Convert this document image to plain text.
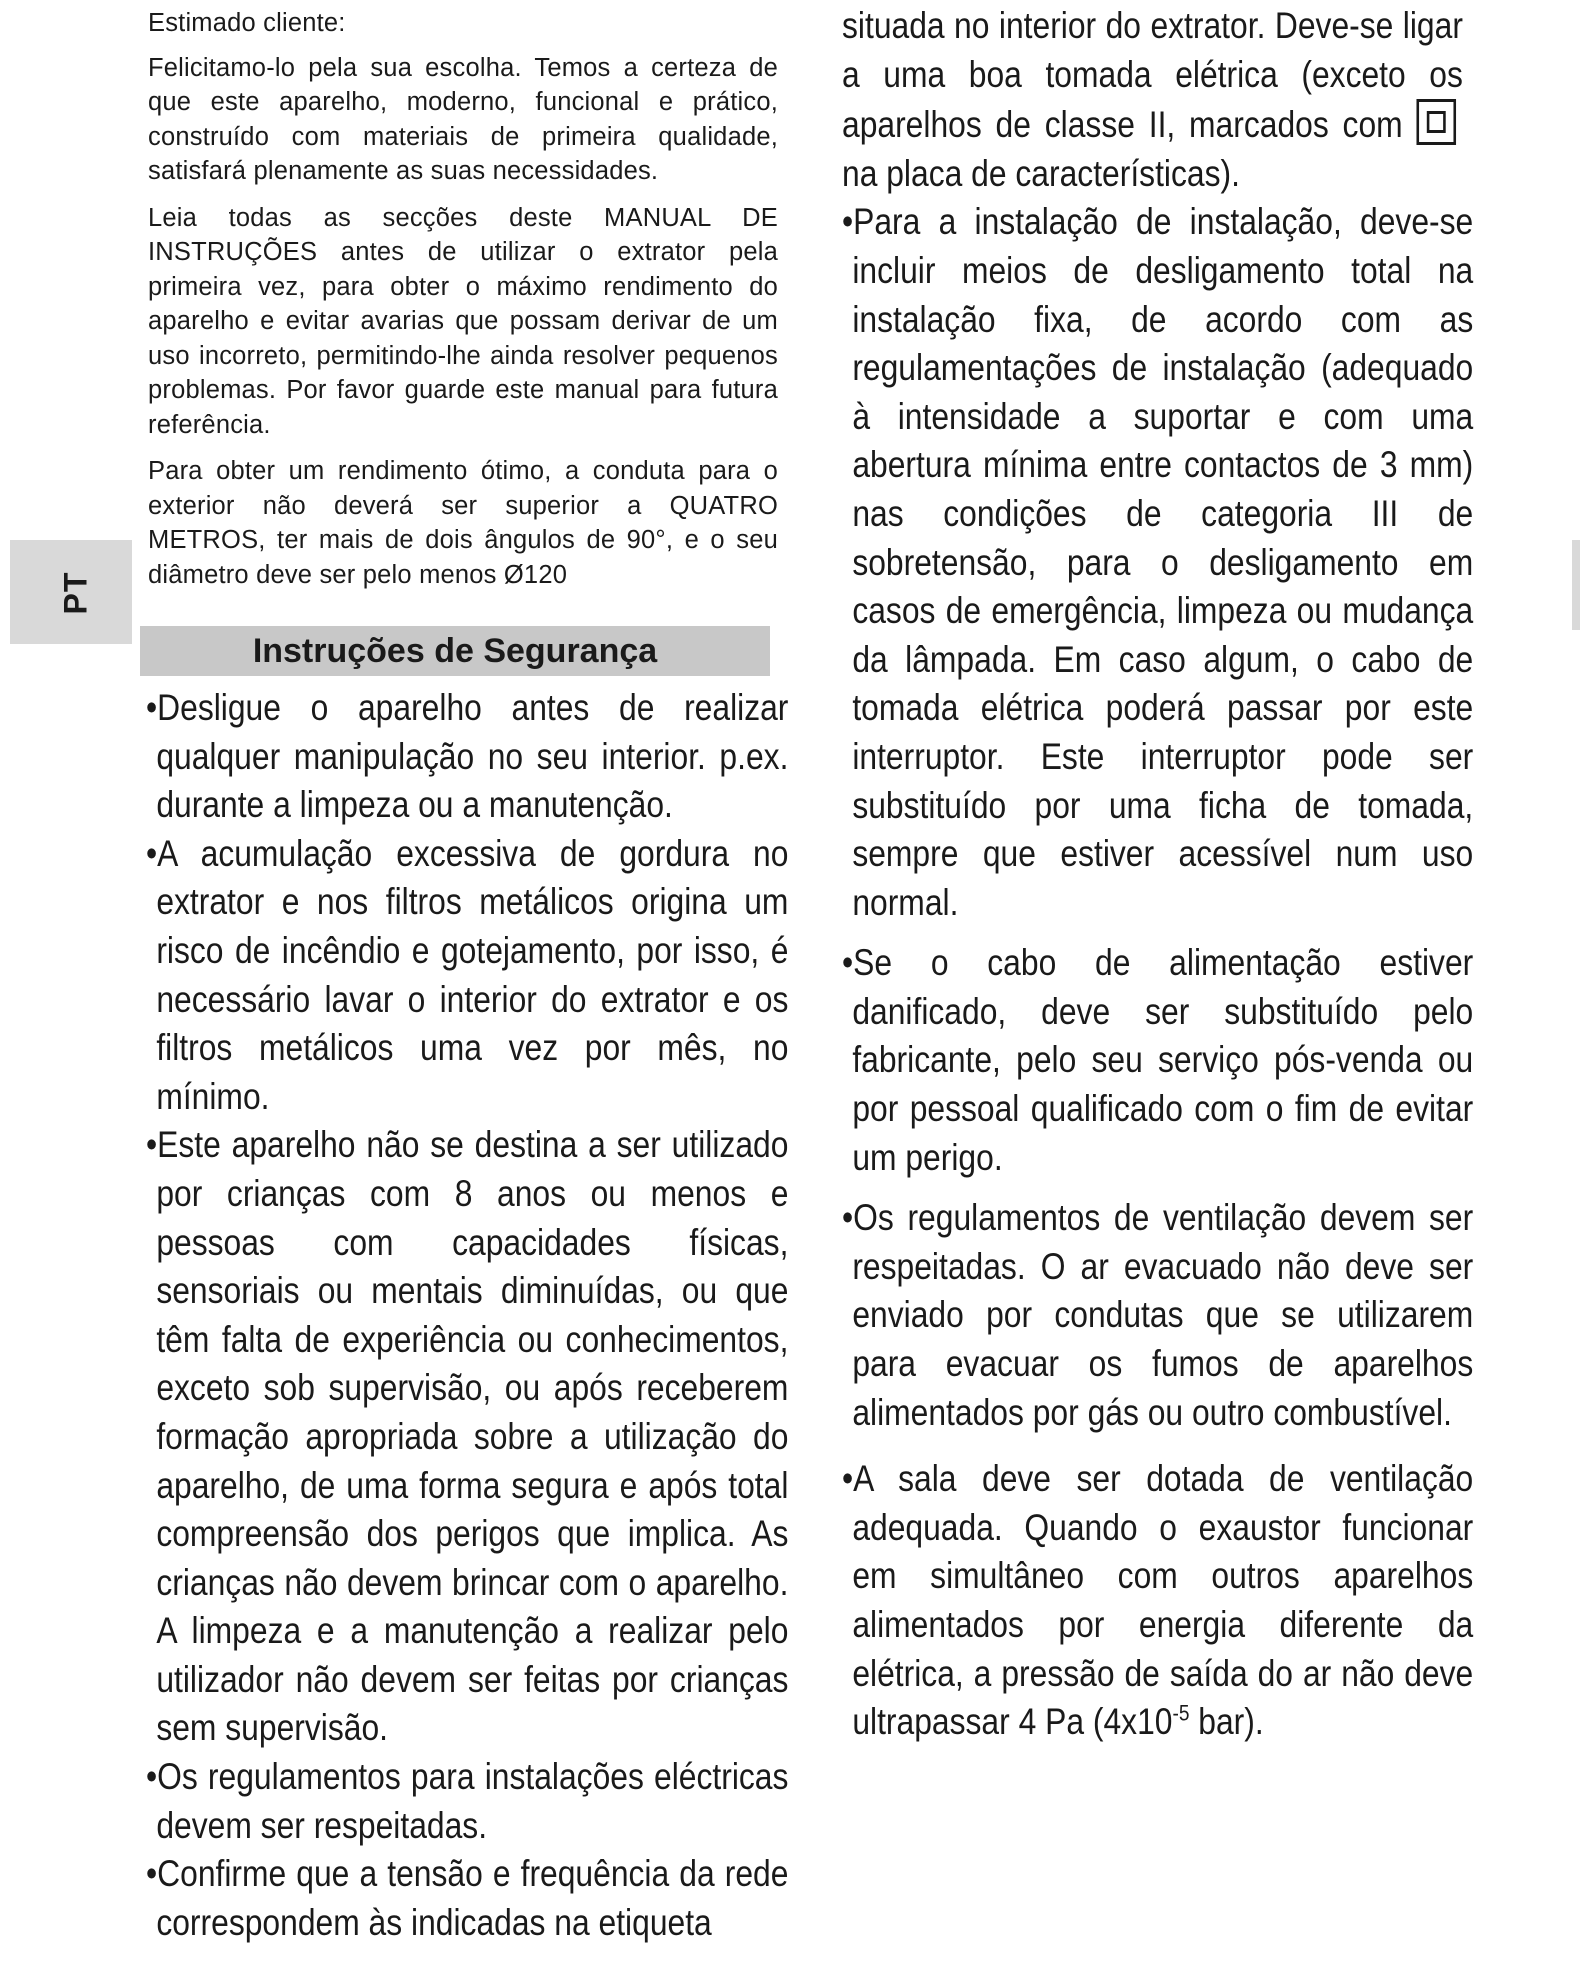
PT

Estimado cliente:

Felicitamo-lo pela sua escolha. Temos a certeza de que este aparelho, moderno, funcional e prático, construído com materiais de primeira qualidade, satisfará plenamente as suas necessidades.

Leia todas as secções deste MANUAL DE INSTRUÇÕES antes de utilizar o extrator pela primeira vez, para obter o máximo rendimento do aparelho e evitar avarias que possam derivar de um uso incorreto, permitindo-lhe ainda resolver pequenos problemas. Por favor guarde este manual para futura referência.

Para obter um rendimento ótimo, a conduta para o exterior não deverá ser superior a QUATRO METROS, ter mais de dois ângulos de 90°, e o seu diâmetro deve ser pelo menos Ø120

Instruções de Segurança

•Desligue o aparelho antes de realizar qualquer manipulação no seu interior. p.ex. durante a limpeza ou a manutenção.

•A acumulação excessiva de gordura no extrator e nos filtros metálicos origina um risco de incêndio e gotejamento, por isso, é necessário lavar o interior do extrator e os filtros metálicos uma vez por mês, no mínimo.

•Este aparelho não se destina a ser utilizado por crianças com 8 anos ou menos e pessoas com capacidades físicas, sensoriais ou mentais diminuídas, ou que têm falta de experiência ou conhecimentos, exceto sob supervisão, ou após receberem formação apropriada sobre a utilização do aparelho, de uma forma segura e após total compreensão dos perigos que implica. As crianças não devem brincar com o aparelho. A limpeza e a manutenção a realizar pelo utilizador não devem ser feitas por crianças sem supervisão.

•Os regulamentos para instalações eléctricas devem ser respeitadas.

•Confirme que a tensão e frequência da rede correspondem às indicadas na etiqueta

situada no interior do extrator. Deve-se ligar a uma boa tomada elétrica (exceto os aparelhos de classe II, marcados com na placa de características).

•Para a instalação de instalação, deve-se incluir meios de desligamento total na instalação fixa, de acordo com as regulamentações de instalação (adequado à intensidade a suportar e com uma abertura mínima entre contactos de 3 mm) nas condições de categoria III de sobretensão, para o desligamento em casos de emergência, limpeza ou mudança da lâmpada. Em caso algum, o cabo de tomada elétrica poderá passar por este interruptor. Este interruptor pode ser substituído por uma ficha de tomada, sempre que estiver acessível num uso normal.

•Se o cabo de alimentação estiver danificado, deve ser substituído pelo fabricante, pelo seu serviço pós-venda ou por pessoal qualificado com o fim de evitar um perigo.

•Os regulamentos de ventilação devem ser respeitadas. O ar evacuado não deve ser enviado por condutas que se utilizarem para evacuar os fumos de aparelhos alimentados por gás ou outro combustível.

•A sala deve ser dotada de ventilação adequada. Quando o exaustor funcionar em simultâneo com outros aparelhos alimentados por energia diferente da elétrica, a pressão de saída do ar não deve ultrapassar 4 Pa ($4x10^{-5}$ bar).
